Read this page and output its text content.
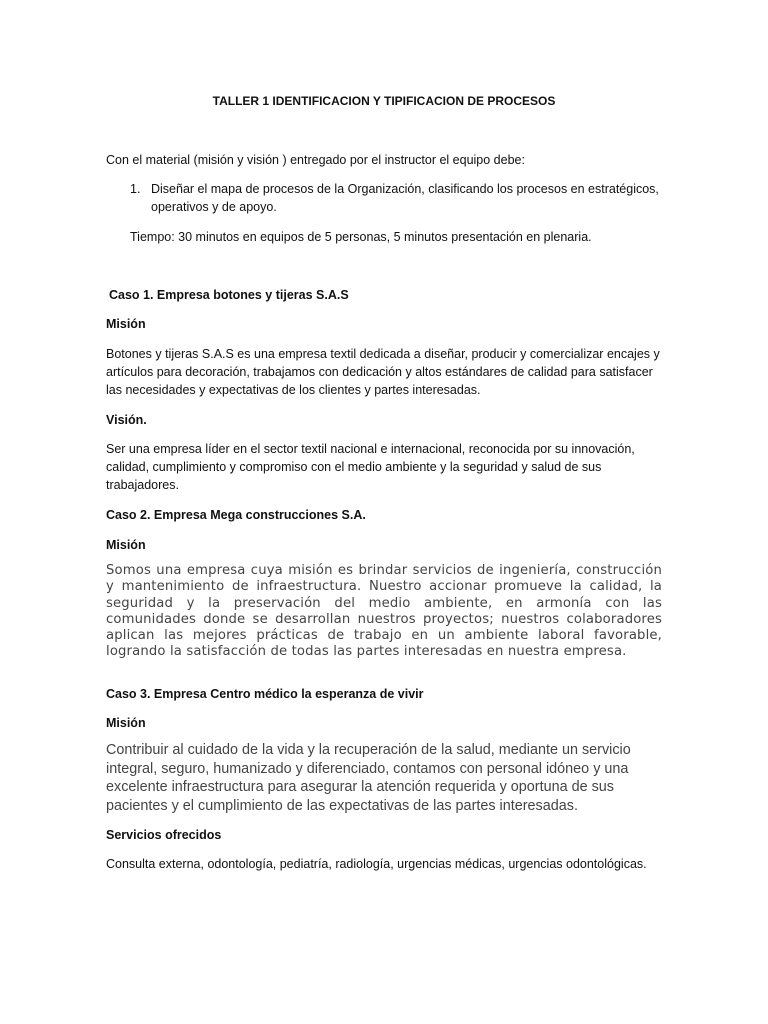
TALLER 1 IDENTIFICACION Y TIPIFICACION DE PROCESOS

Con el material (misión y visión ) entregado por el instructor el equipo debe:

1. Diseñar el mapa de procesos de la Organización, clasificando los procesos en estratégicos, operativos y de apoyo.

Tiempo: 30 minutos en equipos de 5 personas, 5 minutos presentación en plenaria.

Caso 1. Empresa botones y tijeras S.A.S

Misión

Botones y tijeras S.A.S es una empresa textil dedicada a diseñar, producir y comercializar encajes y artículos para decoración, trabajamos con dedicación y altos estándares de calidad para satisfacer las necesidades y expectativas de los clientes y partes interesadas.

Visión.

Ser una empresa líder en el sector textil nacional e internacional, reconocida por su innovación, calidad, cumplimiento y compromiso con el medio ambiente y la seguridad y salud de sus trabajadores.

Caso 2. Empresa Mega construcciones S.A.

Misión

Somos una empresa cuya misión es brindar servicios de ingeniería, construcción y mantenimiento de infraestructura. Nuestro accionar promueve la calidad, la seguridad y la preservación del medio ambiente, en armonía con las comunidades donde se desarrollan nuestros proyectos; nuestros colaboradores aplican las mejores prácticas de trabajo en un ambiente laboral favorable, logrando la satisfacción de todas las partes interesadas en nuestra empresa.

Caso 3. Empresa Centro médico la esperanza de vivir

Misión

Contribuir al cuidado de la vida y la recuperación de la salud, mediante un servicio integral, seguro, humanizado y diferenciado, contamos con personal idóneo y una excelente infraestructura para asegurar la atención requerida y oportuna de sus pacientes y el cumplimiento de las expectativas de las partes interesadas.

Servicios ofrecidos

Consulta externa, odontología, pediatría, radiología, urgencias médicas, urgencias odontológicas.
